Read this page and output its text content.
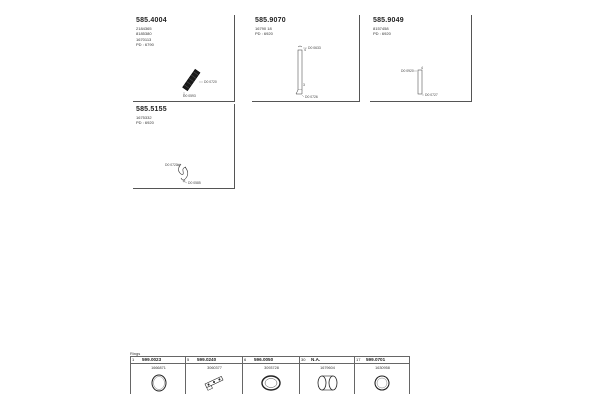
585.4004
2184365
8185380
1670113
PD : 6790
D0 0720
D0 0593
585.9070
16790 18
PD : 6920
4
3
D0 0633
D0 0726
585.9049
8157458
PD : 6920
4
D0 0920
D0 0727
585.5155
1675332
PD : 6920
D0 0723
D0 0585
Rings
1 599.0023
1666871
5 599.0240
3060377
6 596.0050
3093728
30 N.A.
1679604
17 599.0701
1630958
